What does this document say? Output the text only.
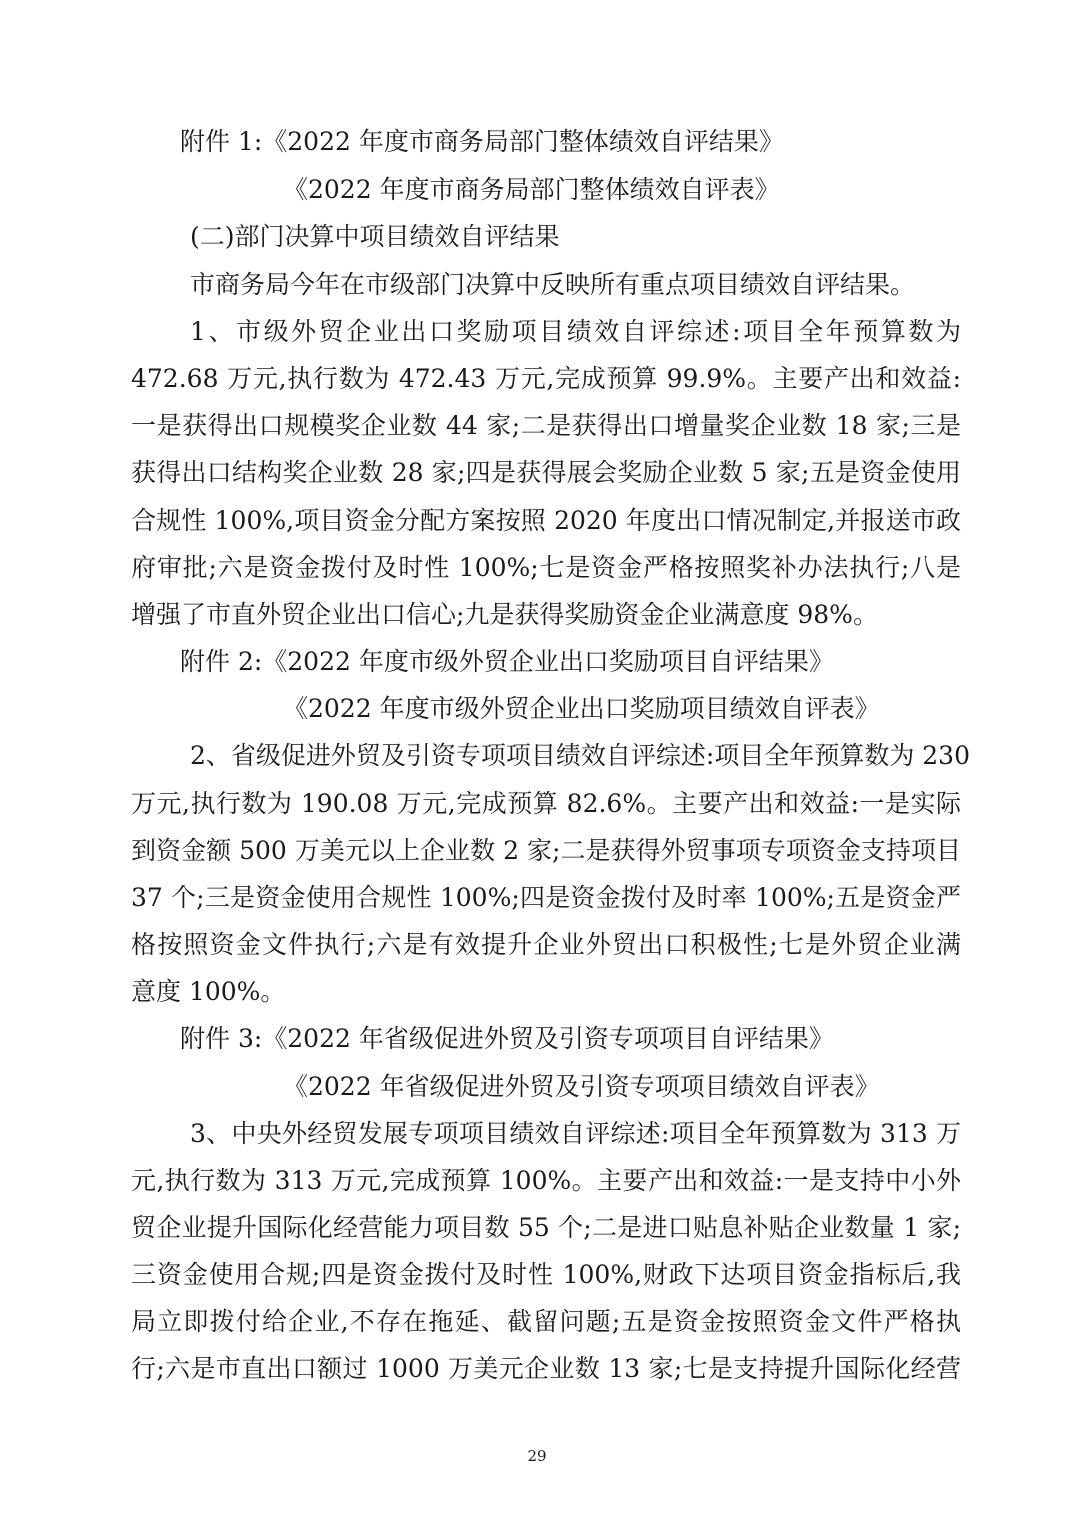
附件 1:《2022 年度市商务局部门整体绩效自评结果》
《2022 年度市商务局部门整体绩效自评表》
(二)部门决算中项目绩效自评结果
市商务局今年在市级部门决算中反映所有重点项目绩效自评结果。
1、市级外贸企业出口奖励项目绩效自评综述:项目全年预算数为
472.68 万元,执行数为 472.43 万元,完成预算 99.9%。主要产出和效益:
一是获得出口规模奖企业数 44 家;二是获得出口增量奖企业数 18 家;三是
获得出口结构奖企业数 28 家;四是获得展会奖励企业数 5 家;五是资金使用
合规性 100%,项目资金分配方案按照 2020 年度出口情况制定,并报送市政
府审批;六是资金拨付及时性 100%;七是资金严格按照奖补办法执行;八是
增强了市直外贸企业出口信心;九是获得奖励资金企业满意度 98%。
附件 2:《2022 年度市级外贸企业出口奖励项目自评结果》
《2022 年度市级外贸企业出口奖励项目绩效自评表》
2、省级促进外贸及引资专项项目绩效自评综述:项目全年预算数为 230
万元,执行数为 190.08 万元,完成预算 82.6%。主要产出和效益:一是实际
到资金额 500 万美元以上企业数 2 家;二是获得外贸事项专项资金支持项目
37 个;三是资金使用合规性 100%;四是资金拨付及时率 100%;五是资金严
格按照资金文件执行;六是有效提升企业外贸出口积极性;七是外贸企业满
意度 100%。
附件 3:《2022 年省级促进外贸及引资专项项目自评结果》
《2022 年省级促进外贸及引资专项项目绩效自评表》
3、中央外经贸发展专项项目绩效自评综述:项目全年预算数为 313 万
元,执行数为 313 万元,完成预算 100%。主要产出和效益:一是支持中小外
贸企业提升国际化经营能力项目数 55 个;二是进口贴息补贴企业数量 1 家;
三资金使用合规;四是资金拨付及时性 100%,财政下达项目资金指标后,我
局立即拨付给企业,不存在拖延、截留问题;五是资金按照资金文件严格执
行;六是市直出口额过 1000 万美元企业数 13 家;七是支持提升国际化经营
29
